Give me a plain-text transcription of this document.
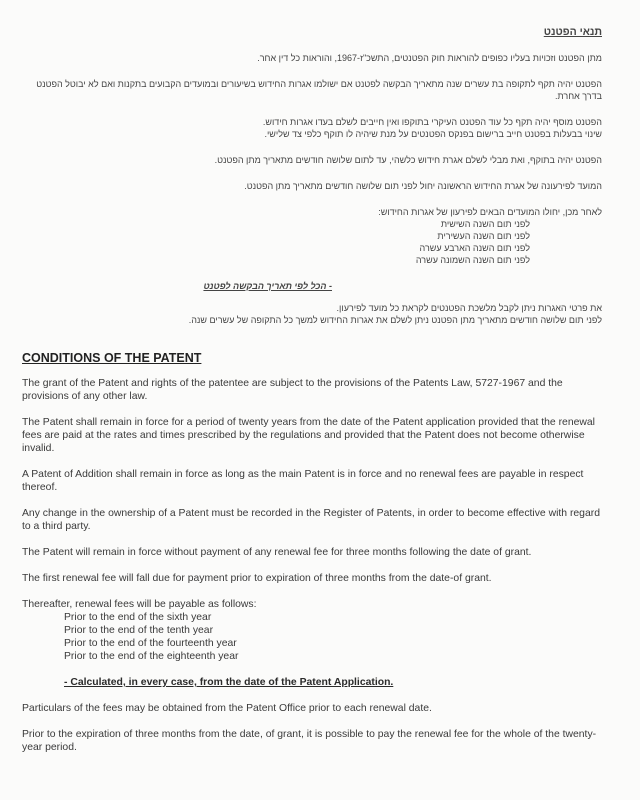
תנאי הפטנט
מתן הפטנט וזכויות בעליו כפופים להוראות חוק הפטנטים, התשכ"ז-1967, והוראות כל דין אחר.
הפטנט יהיה תקף לתקופה בת עשרים שנה מתאריך הבקשה לפטנט אם ישולמו אגרות החידוש בשיעורים ובמועדים הקבועים בתקנות ואם לא יבוטל הפטנט בדרך אחרת.
הפטנט מוסף יהיה תקף כל עוד הפטנט העיקרי בתוקפו ואין חייבים לשלם בעדו אגרות חידוש.
שינוי בבעלות בפטנט חייב ברישום בפנקס הפטנטים על מנת שיהיה לו תוקף כלפי צד שלישי.
הפטנט יהיה בתוקף, ואת מבלי לשלם אגרת חידוש כלשהי, עד לתום שלושה חודשים מתאריך מתן הפטנט.
המועד לפירעונה של אגרת החידוש הראשונה יחול לפני תום שלושה חודשים מתאריך מתן הפטנט.
לאחר מכן, יחולו המועדים הבאים לפירעון של אגרות החידוש:
לפני תום השנה השישית
לפני תום השנה העשירית
לפני תום השנה הארבע עשרה
לפני תום השנה השמונה עשרה
- הכל לפי תאריך הבקשה לפטנט
את פרטי האגרות ניתן לקבל מלשכת הפטנטים לקראת כל מועד לפירעון.
לפני תום שלושה חודשים מתאריך מתן הפטנט ניתן לשלם את אגרות החידוש למשך כל התקופה של עשרים שנה.
CONDITIONS OF THE PATENT
The grant of the Patent and rights of the patentee are subject to the provisions of the Patents Law, 5727-1967 and the provisions of any other law.
The Patent shall remain in force for a period of twenty years from the date of the Patent application provided that the renewal fees are paid at the rates and times prescribed by the regulations and provided that the Patent does not become otherwise invalid.
A Patent of Addition shall remain in force as long as the main Patent is in force and no renewal fees are payable in respect thereof.
Any change in the ownership of a Patent must be recorded in the Register of Patents, in order to become effective with regard to a third party.
The Patent will remain in force without payment of any renewal fee for three months following the date of grant.
The first renewal fee will fall due for payment prior to expiration of three months from the date-of grant.
Thereafter, renewal fees will be payable as follows:
Prior to the end of the sixth year
Prior to the end of the tenth year
Prior to the end of the fourteenth year
Prior to the end of the eighteenth year
- Calculated, in every case, from the date of the Patent Application.
Particulars of the fees may be obtained from the Patent Office prior to each renewal date.
Prior to the expiration of three months from the date, of grant, it is possible to pay the renewal fee for the whole of the twenty-year period.
